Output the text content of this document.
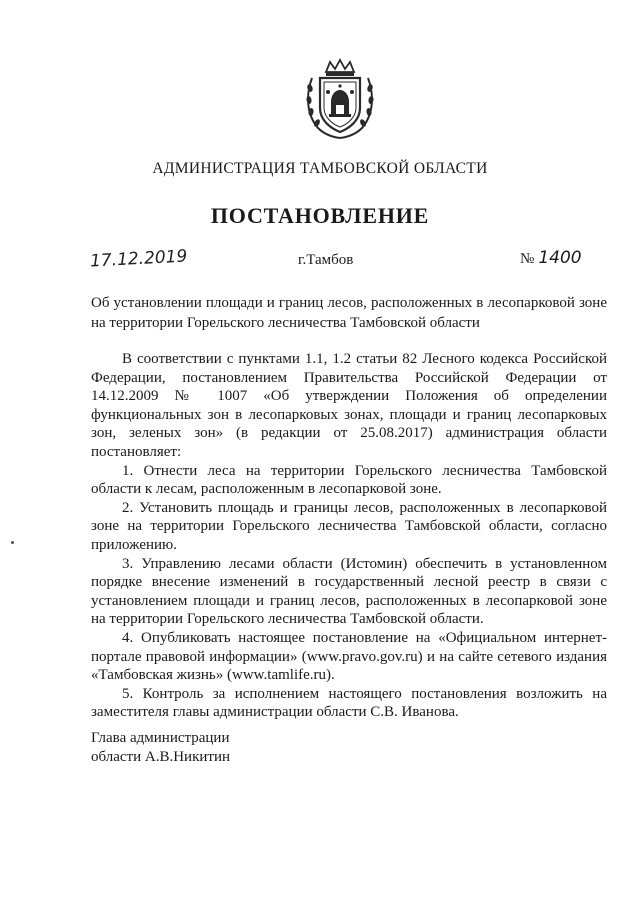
АДМИНИСТРАЦИЯ ТАМБОВСКОЙ ОБЛАСТИ
ПОСТАНОВЛЕНИЕ
17.12.2019	г.Тамбов	№ 1400
Об установлении площади и границ лесов, расположенных в лесопарковой зоне на территории Горельского лесничества Тамбовской области

В соответствии с пунктами 1.1, 1.2 статьи 82 Лесного кодекса Российской Федерации, постановлением Правительства Российской Федерации от 14.12.2009 № 1007 «Об утверждении Положения об определении функциональных зон в лесопарковых зонах, площади и границ лесопарковых зон, зеленых зон» (в редакции от 25.08.2017) администрация области постановляет:

1. Отнести леса на территории Горельского лесничества Тамбовской области к лесам, расположенным в лесопарковой зоне.

2. Установить площадь и границы лесов, расположенных в лесопарковой зоне на территории Горельского лесничества Тамбовской области, согласно приложению.

3. Управлению лесами области (Истомин) обеспечить в установленном порядке внесение изменений в государственный лесной реестр в связи с установлением площади и границ лесов, расположенных в лесопарковой зоне на территории Горельского лесничества Тамбовской области.

4. Опубликовать настоящее постановление на «Официальном интернет-портале правовой информации» (www.pravo.gov.ru) и на сайте сетевого издания «Тамбовская жизнь» (www.tamlife.ru).

5. Контроль за исполнением настоящего постановления возложить на заместителя главы администрации области С.В. Иванова.

Глава администрации
области А.В.Никитин
